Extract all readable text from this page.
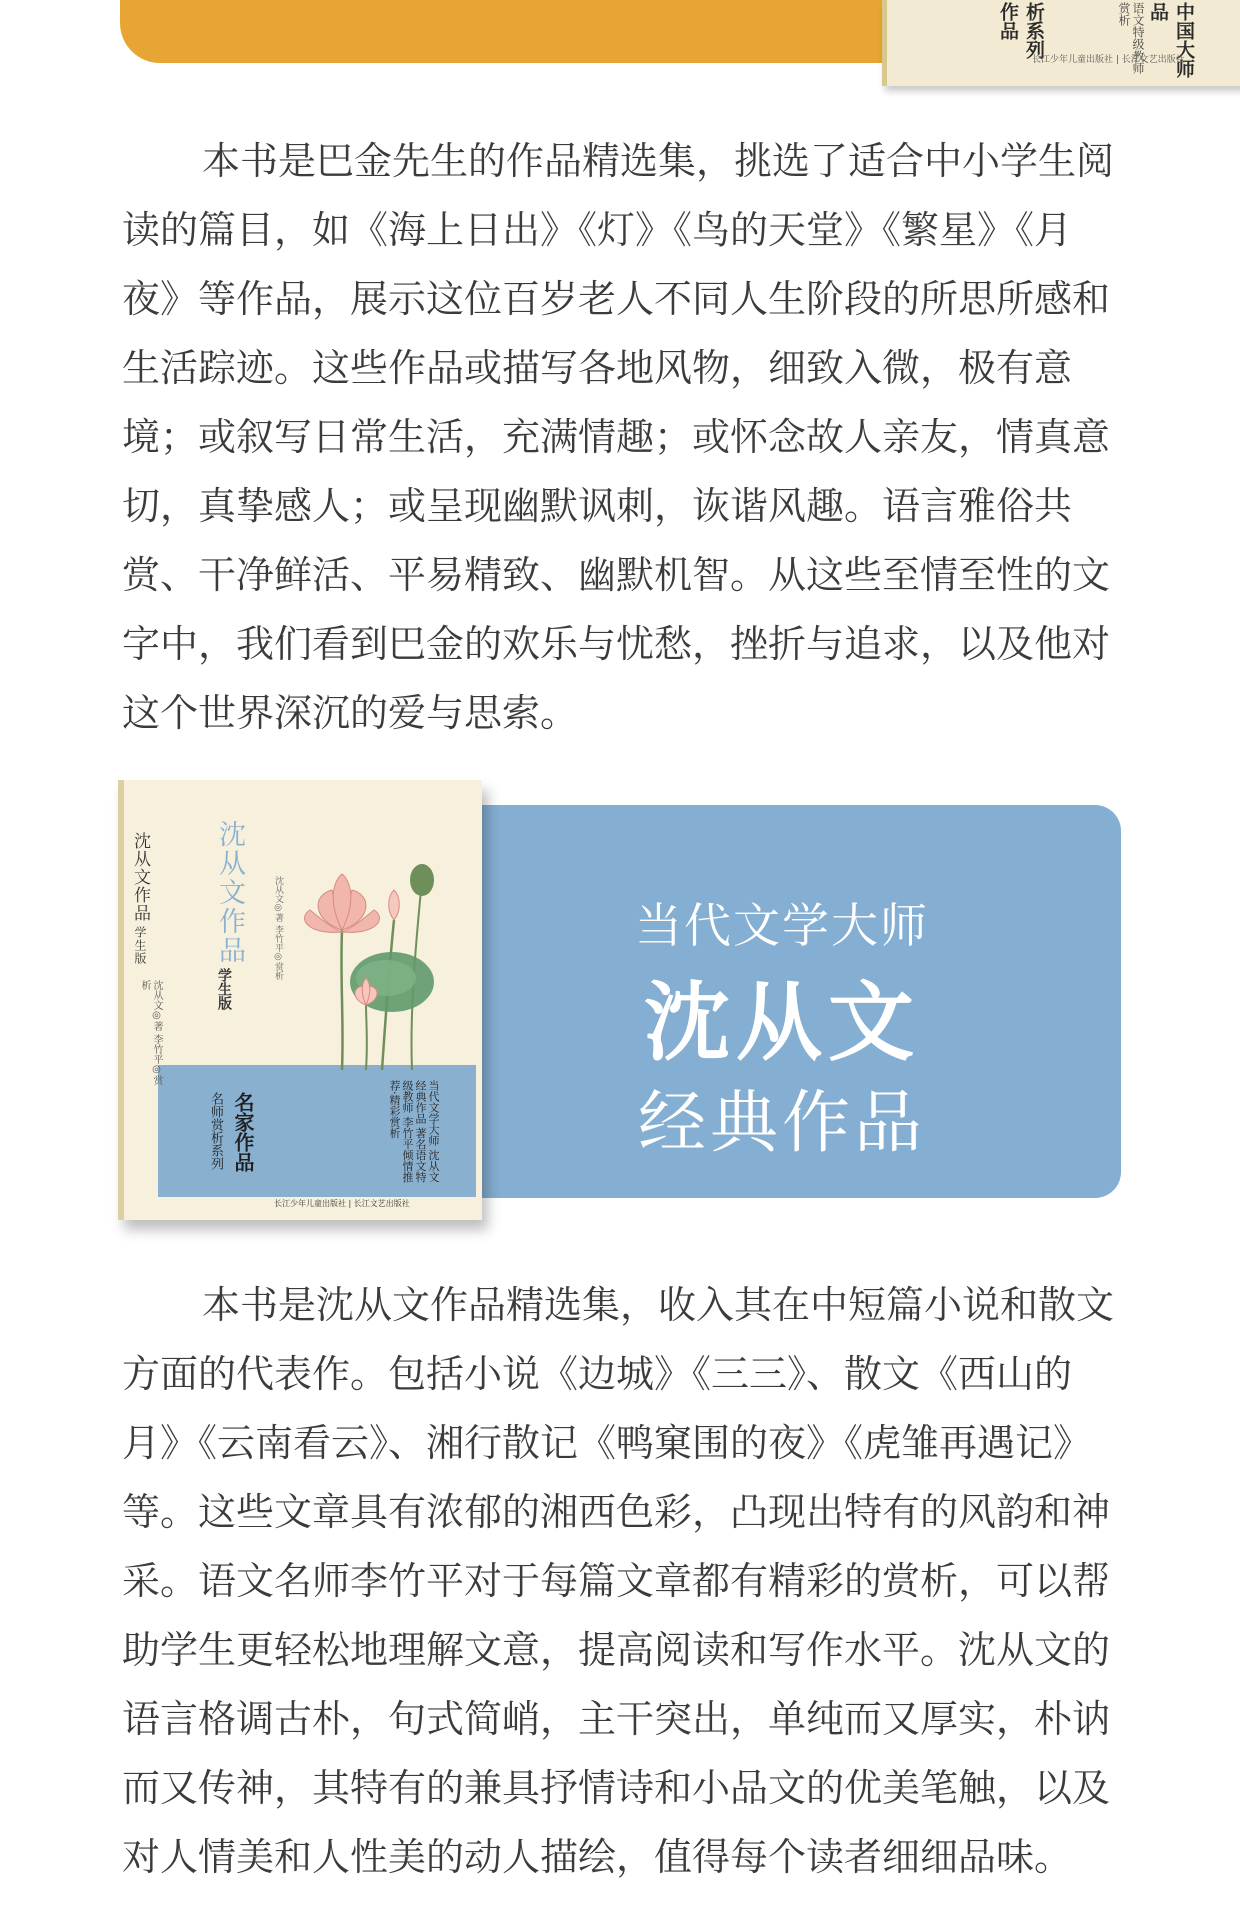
作品 析系列	语文特级教师 赏析 品 中国大师
长江少年儿童出版社 | 长江文艺出版社

本书是巴金先生的作品精选集，挑选了适合中小学生阅读的篇目，如《海上日出》《灯》《鸟的天堂》《繁星》《月夜》等作品，展示这位百岁老人不同人生阶段的所思所感和生活踪迹。这些作品或描写各地风物，细致入微，极有意境；或叙写日常生活，充满情趣；或怀念故人亲友，情真意切，真挚感人；或呈现幽默讽刺，诙谐风趣。语言雅俗共赏、干净鲜活、平易精致、幽默机智。从这些至情至性的文字中，我们看到巴金的欢乐与忧愁，挫折与追求，以及他对这个世界深沉的爱与思索。

当代文学大师

沈从文

经典作品

沈从文作品学生版
沈从文◎著 李竹平◎赏析
沈从文作品
学生版
沈从文◎著 李竹平◎赏析
名家作品
名师赏析系列	当代文学大师 沈从文经典作品 著名语文特级教师 李竹平倾情推荐·精彩赏析
长江少年儿童出版社 | 长江文艺出版社

本书是沈从文作品精选集，收入其在中短篇小说和散文方面的代表作。包括小说《边城》《三三》、散文《西山的月》《云南看云》、湘行散记《鸭窠围的夜》《虎雏再遇记》等。这些文章具有浓郁的湘西色彩，凸现出特有的风韵和神采。语文名师李竹平对于每篇文章都有精彩的赏析，可以帮助学生更轻松地理解文意，提高阅读和写作水平。沈从文的语言格调古朴，句式简峭，主干突出，单纯而又厚实，朴讷而又传神，其特有的兼具抒情诗和小品文的优美笔触，以及对人情美和人性美的动人描绘，值得每个读者细细品味。
